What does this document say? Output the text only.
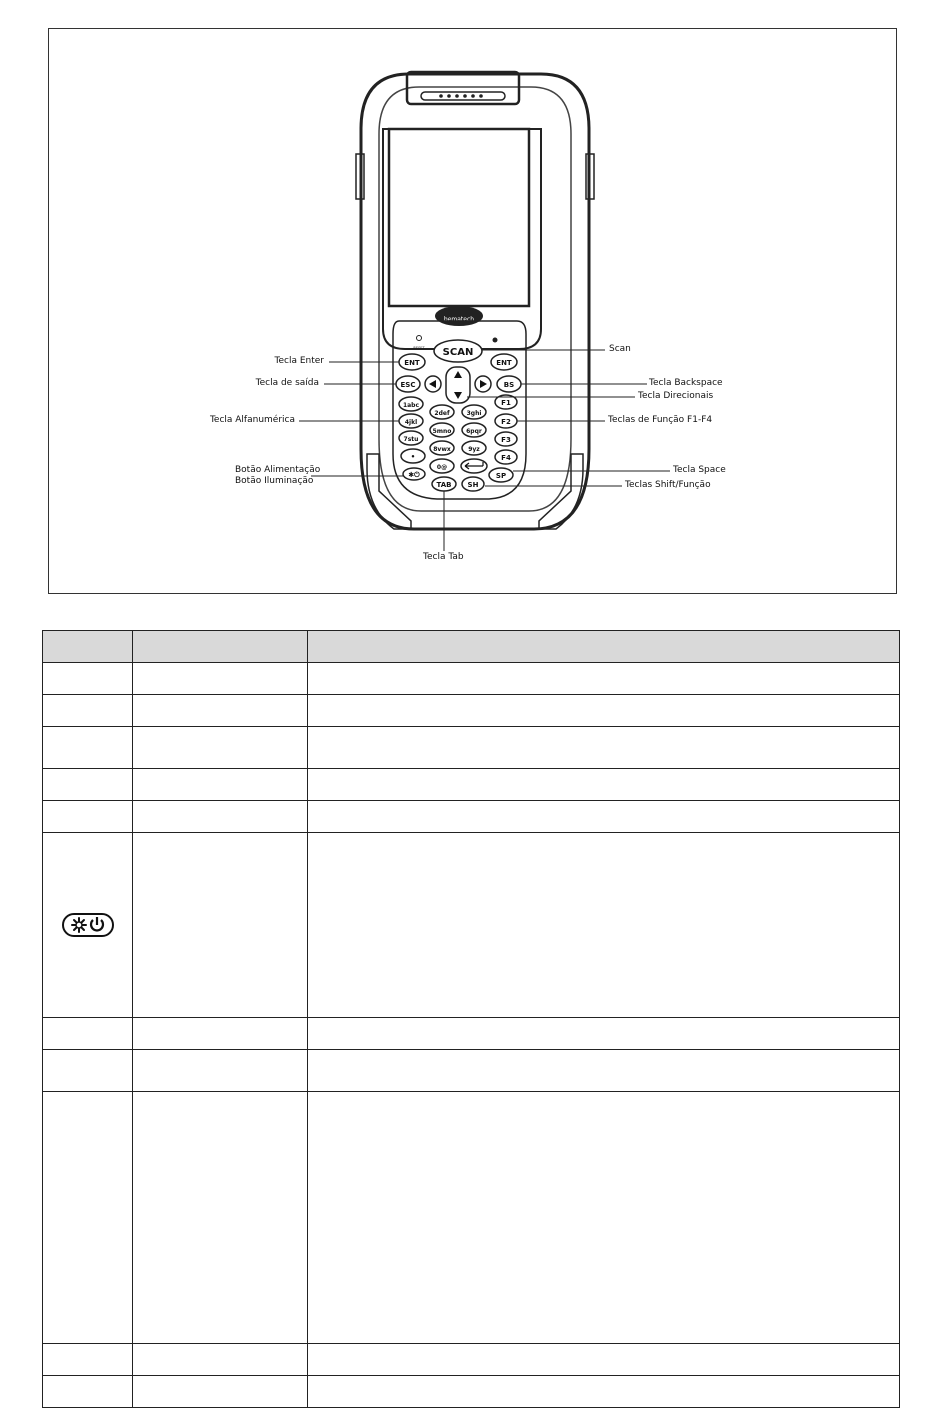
bematech
RESET SCAN
ENT	ENT
ESC	BS
F1
F2
F3
F4
1abc
2def	3ghi
4jkl
5mno 6pqr
7stu
8vwx	9yz
•
0@
✱⏻	SP
TAB SH
Tecla Enter
Tecla de saída
Tecla Alfanumérica
Botão Alimentação
Botão Iluminação
Tecla Tab
Scan
Tecla Backspace
Tecla Direcionais
Teclas de Função F1-F4
Tecla Space
Teclas Shift/Função
